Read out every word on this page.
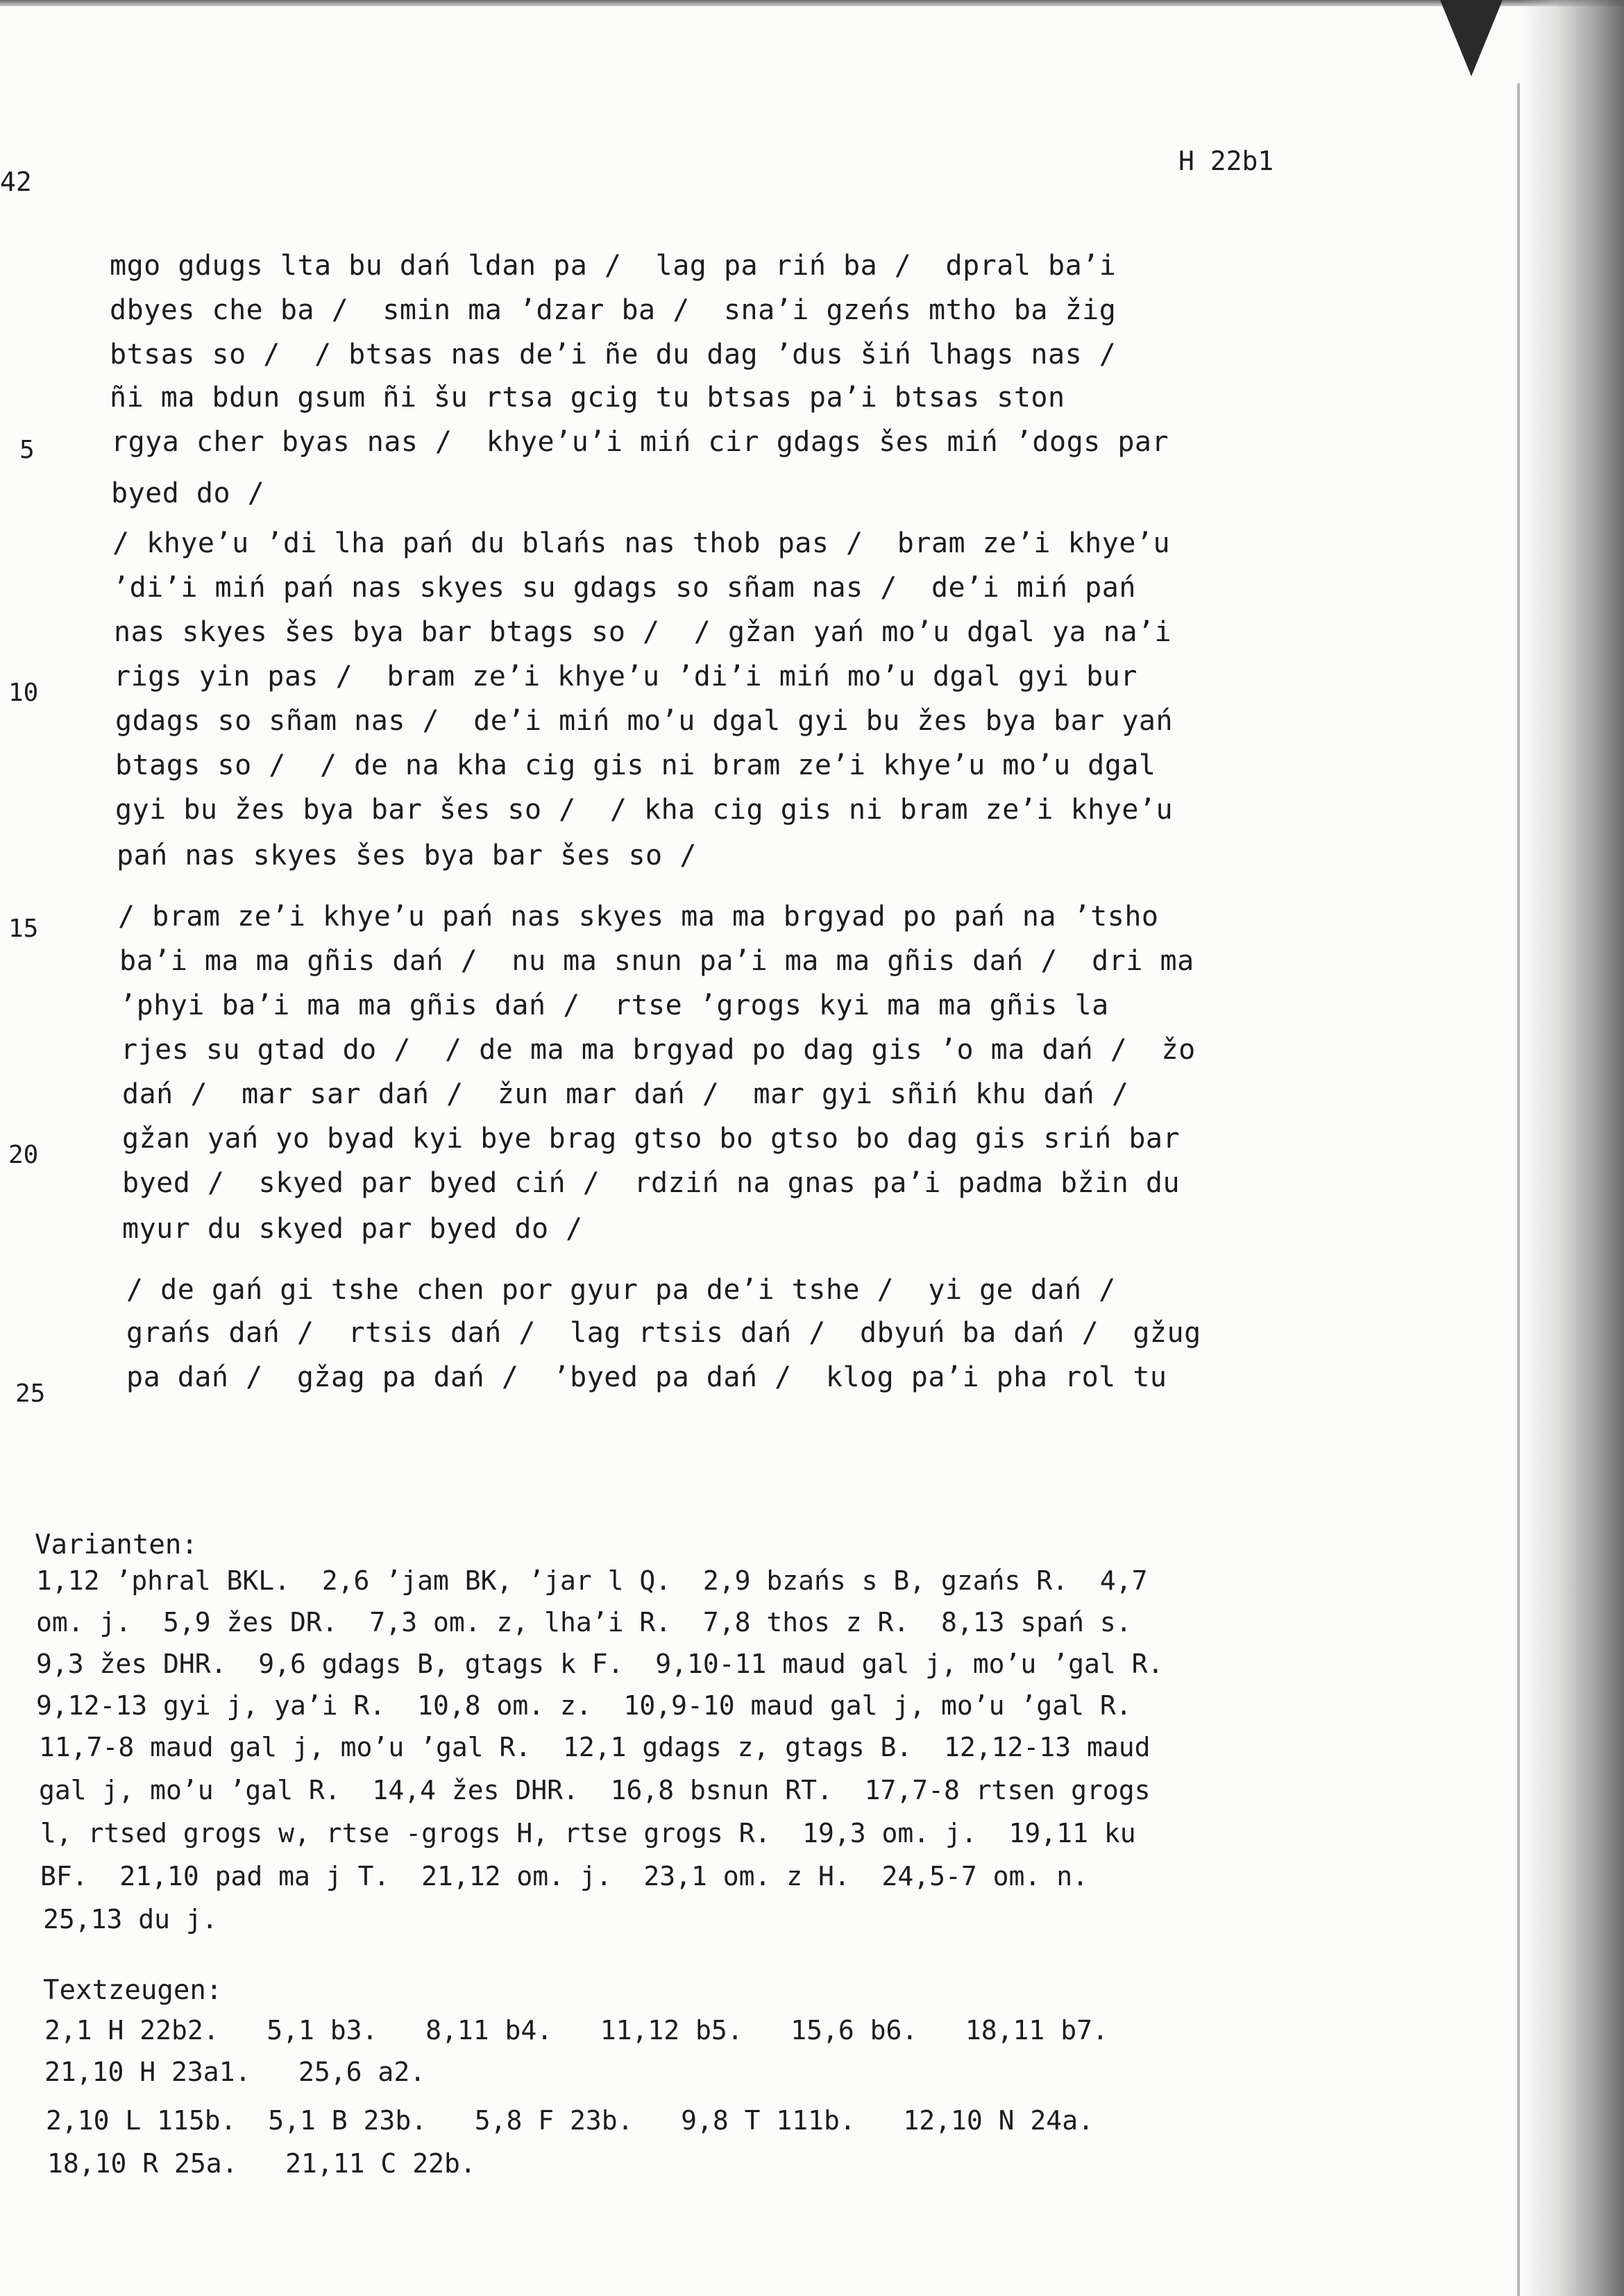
42
H 22b1
5
10
15
20
25
mgo gdugs lta bu dań ldan pa /  lag pa riń ba /  dpral ba’i
dbyes che ba /  smin ma ’dzar ba /  sna’i gzeńs mtho ba žig
btsas so /  / btsas nas de’i ñe du dag ’dus šiń lhags nas /
ñi ma bdun gsum ñi šu rtsa gcig tu btsas pa’i btsas ston
rgya cher byas nas /  khye’u’i miń cir gdags šes miń ’dogs par
byed do /
/ khye’u ’di lha pań du blańs nas thob pas /  bram ze’i khye’u
’di’i miń pań nas skyes su gdags so sñam nas /  de’i miń pań
nas skyes šes bya bar btags so /  / gžan yań mo’u dgal ya na’i
rigs yin pas /  bram ze’i khye’u ’di’i miń mo’u dgal gyi bur
gdags so sñam nas /  de’i miń mo’u dgal gyi bu žes bya bar yań
btags so /  / de na kha cig gis ni bram ze’i khye’u mo’u dgal
gyi bu žes bya bar šes so /  / kha cig gis ni bram ze’i khye’u
pań nas skyes šes bya bar šes so /
/ bram ze’i khye’u pań nas skyes ma ma brgyad po pań na ’tsho
ba’i ma ma gñis dań /  nu ma snun pa’i ma ma gñis dań /  dri ma
’phyi ba’i ma ma gñis dań /  rtse ’grogs kyi ma ma gñis la
rjes su gtad do /  / de ma ma brgyad po dag gis ’o ma dań /  žo
dań /  mar sar dań /  žun mar dań /  mar gyi sñiń khu dań /
gžan yań yo byad kyi bye brag gtso bo gtso bo dag gis sriń bar
byed /  skyed par byed ciń /  rdziń na gnas pa’i padma bžin du
myur du skyed par byed do /
/ de gań gi tshe chen por gyur pa de’i tshe /  yi ge dań /
grańs dań /  rtsis dań /  lag rtsis dań /  dbyuń ba dań /  gžug
pa dań /  gžag pa dań /  ’byed pa dań /  klog pa’i pha rol tu
Varianten:
1,12 ’phral BKL.  2,6 ’jam BK, ’jar l Q.  2,9 bzańs s B, gzańs R.  4,7
om. j.  5,9 žes DR.  7,3 om. z, lha’i R.  7,8 thos z R.  8,13 spań s.
9,3 žes DHR.  9,6 gdags B, gtags k F.  9,10-11 maud gal j, mo’u ’gal R.
9,12-13 gyi j, ya’i R.  10,8 om. z.  10,9-10 maud gal j, mo’u ’gal R.
11,7-8 maud gal j, mo’u ’gal R.  12,1 gdags z, gtags B.  12,12-13 maud
gal j, mo’u ’gal R.  14,4 žes DHR.  16,8 bsnun RT.  17,7-8 rtsen grogs
l, rtsed grogs w, rtse -grogs H, rtse grogs R.  19,3 om. j.  19,11 ku
BF.  21,10 pad ma j T.  21,12 om. j.  23,1 om. z H.  24,5-7 om. n.
25,13 du j.
Textzeugen:
2,1 H 22b2.   5,1 b3.   8,11 b4.   11,12 b5.   15,6 b6.   18,11 b7.
21,10 H 23a1.   25,6 a2.
2,10 L 115b.  5,1 B 23b.   5,8 F 23b.   9,8 T 111b.   12,10 N 24a.
18,10 R 25a.   21,11 C 22b.
